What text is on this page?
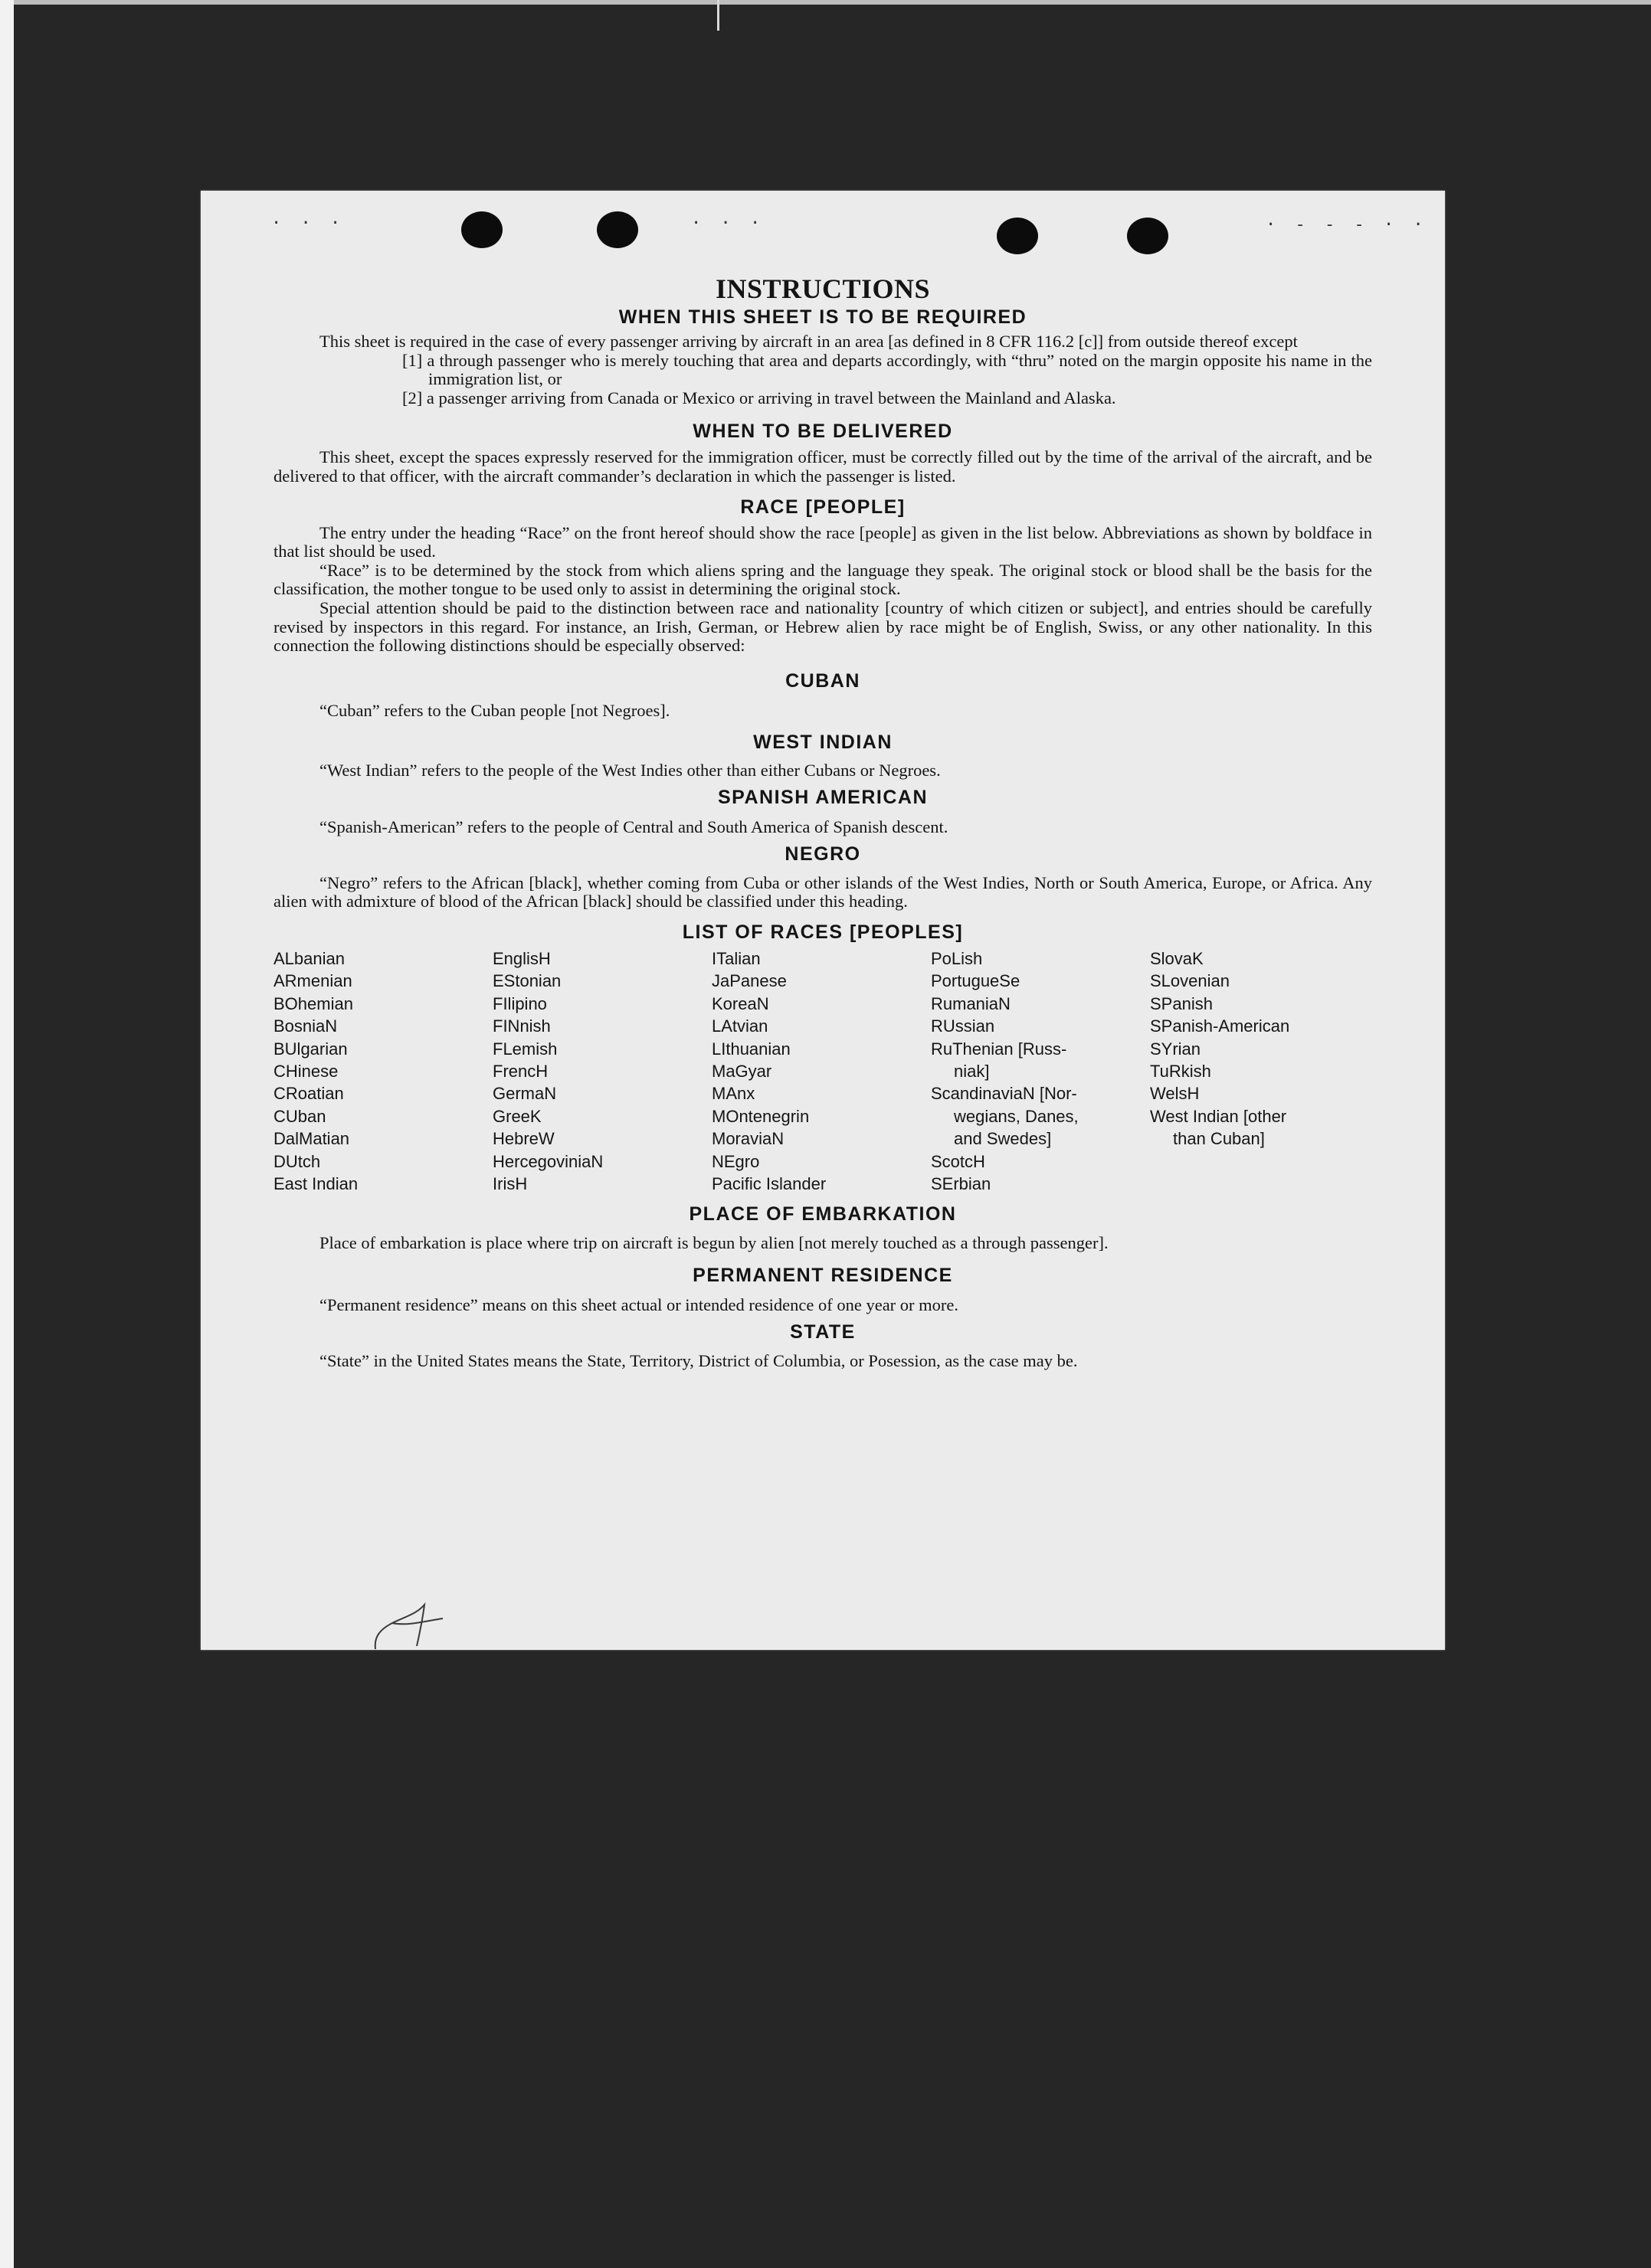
· · ·	· · ·	· - - - · ·
INSTRUCTIONS
WHEN THIS SHEET IS TO BE REQUIRED

This sheet is required in the case of every passenger arriving by aircraft in an area [as defined in 8 CFR 116.2 [c]] from outside thereof except

[1] a through passenger who is merely touching that area and departs accordingly, with “thru” noted on the margin opposite his name in the immigration list, or

[2] a passenger arriving from Canada or Mexico or arriving in travel between the Mainland and Alaska.

WHEN TO BE DELIVERED

This sheet, except the spaces expressly reserved for the immigration officer, must be correctly filled out by the time of the arrival of the aircraft, and be delivered to that officer, with the aircraft commander’s declaration in which the passenger is listed.

RACE [PEOPLE]

The entry under the heading “Race” on the front hereof should show the race [people] as given in the list below. Abbreviations as shown by boldface in that list should be used.

“Race” is to be determined by the stock from which aliens spring and the language they speak. The original stock or blood shall be the basis for the classification, the mother tongue to be used only to assist in determining the original stock.

Special attention should be paid to the distinction between race and nationality [country of which citizen or subject], and entries should be carefully revised by inspectors in this regard. For instance, an Irish, German, or Hebrew alien by race might be of English, Swiss, or any other nationality. In this connection the following distinctions should be especially observed:

CUBAN

“Cuban” refers to the Cuban people [not Negroes].

WEST INDIAN

“West Indian” refers to the people of the West Indies other than either Cubans or Negroes.

SPANISH AMERICAN

“Spanish-American” refers to the people of Central and South America of Spanish descent.

NEGRO

“Negro” refers to the African [black], whether coming from Cuba or other islands of the West Indies, North or South America, Europe, or Africa. Any alien with admixture of blood of the African [black] should be classified under this heading.

LIST OF RACES [PEOPLES]
ALbanian
ARmenian
BOhemian
BosniaN
BUlgarian
CHinese
CRoatian
CUban
DalMatian
DUtch
East Indian
EnglisH
EStonian
FIlipino
FINnish
FLemish
FrencH
GermaN
GreeK
HebreW
HercegoviniaN
IrisH
ITalian
JaPanese
KoreaN
LAtvian
LIthuanian
MaGyar
MAnx
MOntenegrin
MoraviaN
NEgro
Pacific Islander
PoLish
PortugueSe
RumaniaN
RUssian
RuThenian [Russ-
niak]
ScandinaviaN [Nor-
wegians, Danes,
and Swedes]
ScotcH
SErbian
SlovaK
SLovenian
SPanish
SPanish-American
SYrian
TuRkish
WelsH
West Indian [other
than Cuban]
PLACE OF EMBARKATION

Place of embarkation is place where trip on aircraft is begun by alien [not merely touched as a through passenger].

PERMANENT RESIDENCE

“Permanent residence” means on this sheet actual or intended residence of one year or more.

STATE

“State” in the United States means the State, Territory, District of Columbia, or Posession, as the case may be.
